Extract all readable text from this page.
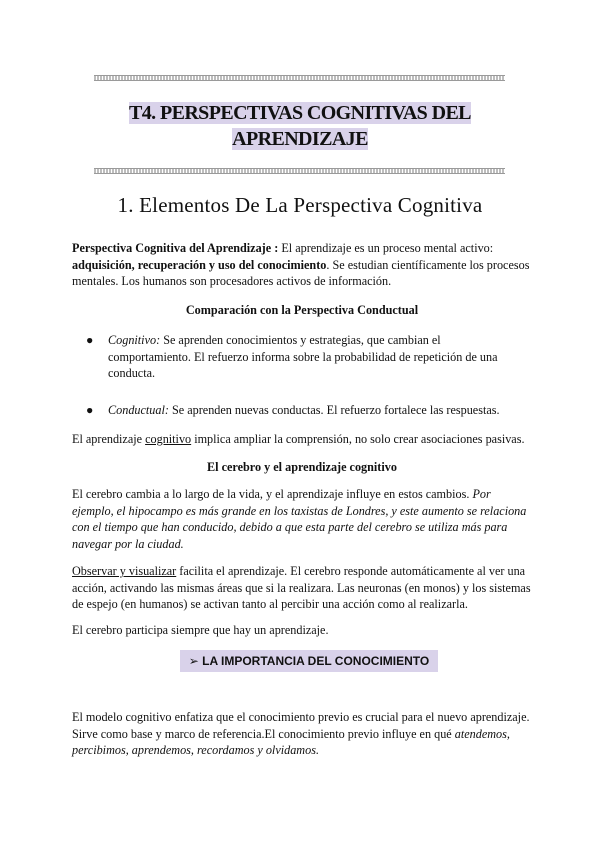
T4. PERSPECTIVAS COGNITIVAS DEL
APRENDIZAJE
1. Elementos De La Perspectiva Cognitiva
Perspectiva Cognitiva del Aprendizaje : El aprendizaje es un proceso mental activo: adquisición, recuperación y uso del conocimiento. Se estudian científicamente los procesos mentales. Los humanos son procesadores activos de información.
Comparación con la Perspectiva Conductual
●	Cognitivo: Se aprenden conocimientos y estrategias, que cambian el comportamiento. El refuerzo informa sobre la probabilidad de repetición de una conducta.
●	Conductual: Se aprenden nuevas conductas. El refuerzo fortalece las respuestas.
El aprendizaje cognitivo implica ampliar la comprensión, no solo crear asociaciones pasivas.
El cerebro y el aprendizaje cognitivo
El cerebro cambia a lo largo de la vida, y el aprendizaje influye en estos cambios. Por ejemplo, el hipocampo es más grande en los taxistas de Londres, y este aumento se relaciona con el tiempo que han conducido, debido a que esta parte del cerebro se utiliza más para navegar por la ciudad.
Observar y visualizar facilita el aprendizaje. El cerebro responde automáticamente al ver una acción, activando las mismas áreas que si la realizara. Las neuronas (en monos) y los sistemas de espejo (en humanos) se activan tanto al percibir una acción como al realizarla.
El cerebro participa siempre que hay un aprendizaje.
➢ LA IMPORTANCIA DEL CONOCIMIENTO
El modelo cognitivo enfatiza que el conocimiento previo es crucial para el nuevo aprendizaje. Sirve como base y marco de referencia.El conocimiento previo influye en qué atendemos, percibimos, aprendemos, recordamos y olvidamos.
